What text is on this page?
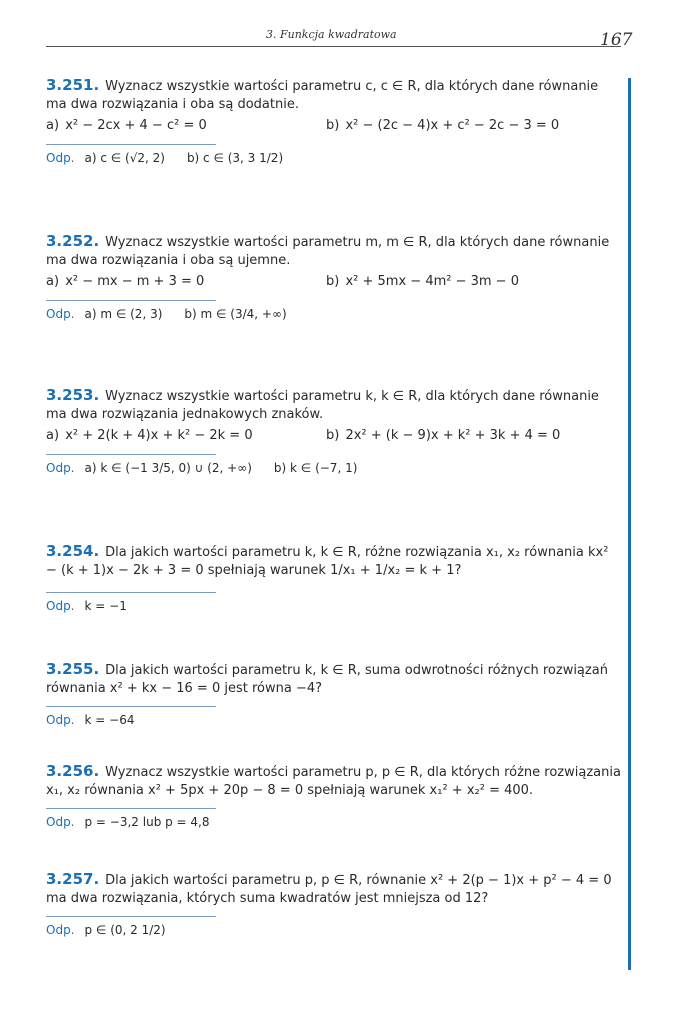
3. Funkcja kwadratowa	167

3.251. Wyznacz wszystkie wartości parametru c, c ∈ R, dla których dane równanie ma dwa rozwiązania i oba są dodatnie.

a) x² − 2cx + 4 − c² = 0	b) x² − (2c − 4)x + c² − 2c − 3 = 0
Odp. a) c ∈ (√2, 2) b) c ∈ (3, 3 1/2)

3.252. Wyznacz wszystkie wartości parametru m, m ∈ R, dla których dane równanie ma dwa rozwiązania i oba są ujemne.

a) x² − mx − m + 3 = 0	b) x² + 5mx − 4m² − 3m − 0
Odp. a) m ∈ (2, 3) b) m ∈ (3/4, +∞)

3.253. Wyznacz wszystkie wartości parametru k, k ∈ R, dla których dane równanie ma dwa rozwiązania jednakowych znaków.

a) x² + 2(k + 4)x + k² − 2k = 0	b) 2x² + (k − 9)x + k² + 3k + 4 = 0
Odp. a) k ∈ (−1 3/5, 0) ∪ (2, +∞) b) k ∈ (−7, 1)

3.254. Dla jakich wartości parametru k, k ∈ R, różne rozwiązania x₁, x₂ równania kx² − (k + 1)x − 2k + 3 = 0 spełniają warunek 1/x₁ + 1/x₂ = k + 1?

Odp. k = −1

3.255. Dla jakich wartości parametru k, k ∈ R, suma odwrotności różnych rozwiązań równania x² + kx − 16 = 0 jest równa −4?

Odp. k = −64

3.256. Wyznacz wszystkie wartości parametru p, p ∈ R, dla których różne rozwiązania x₁, x₂ równania x² + 5px + 20p − 8 = 0 spełniają warunek x₁² + x₂² = 400.

Odp. p = −3,2 lub p = 4,8

3.257. Dla jakich wartości parametru p, p ∈ R, równanie x² + 2(p − 1)x + p² − 4 = 0 ma dwa rozwiązania, których suma kwadratów jest mniejsza od 12?

Odp. p ∈ (0, 2 1/2)
